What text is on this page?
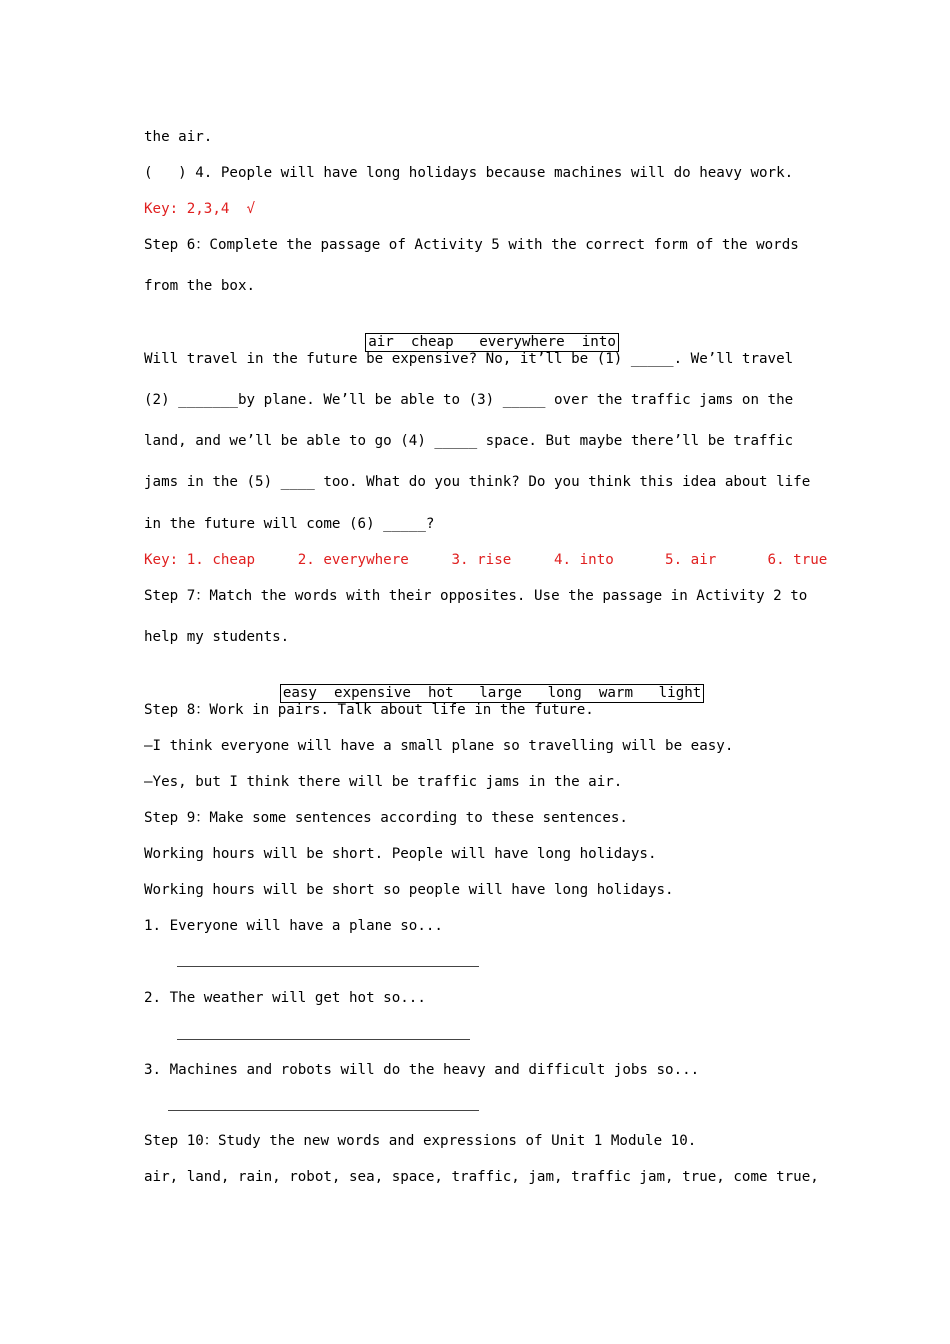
the air.
(   ) 4. People will have long holidays because machines will do heavy work.
Key: 2,3,4  √
Step 6：Complete the passage of Activity 5 with the correct form of the words
from the box.

air  cheap   everywhere  into

Will travel in the future be expensive? No, it’ll be (1) _____. We’ll travel
(2) _______by plane. We’ll be able to (3) _____ over the traffic jams on the
land, and we’ll be able to go (4) _____ space. But maybe there’ll be traffic
jams in the (5) ____ too. What do you think? Do you think this idea about life
in the future will come (6) _____?
Key: 1. cheap     2. everywhere     3. rise     4. into      5. air      6. true
Step 7：Match the words with their opposites. Use the passage in Activity 2 to
help my students.

easy  expensive  hot   large   long  warm   light

Step 8：Work in pairs. Talk about life in the future.
—I think everyone will have a small plane so travelling will be easy.
—Yes, but I think there will be traffic jams in the air.
Step 9：Make some sentences according to these sentences.
Working hours will be short. People will have long holidays.
Working hours will be short so people will have long holidays.
1. Everyone will have a plane so...
2. The weather will get hot so...
3. Machines and robots will do the heavy and difficult jobs so...
Step 10：Study the new words and expressions of Unit 1 Module 10.
air, land, rain, robot, sea, space, traffic, jam, traffic jam, true, come true,
